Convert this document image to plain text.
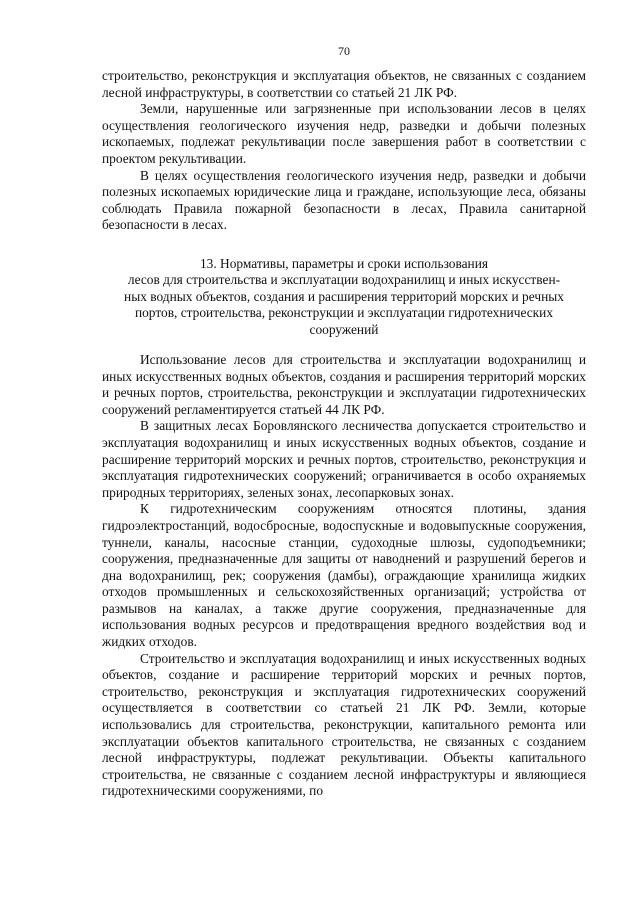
70

строительство, реконструкция и эксплуатация объектов, не связанных с созданием лесной инфраструктуры, в соответствии со статьей 21 ЛК РФ.

Земли, нарушенные или загрязненные при использовании лесов в целях осуществления геологического изучения недр, разведки и добычи полезных ископаемых, подлежат рекультивации после завершения работ в соответствии с проектом рекультивации.

В целях осуществления геологического изучения недр, разведки и добычи полезных ископаемых юридические лица и граждане, использующие леса, обязаны соблюдать Правила пожарной безопасности в лесах, Правила санитарной безопасности в лесах.

13. Нормативы, параметры и сроки использования
лесов для строительства и эксплуатации водохранилищ и иных искусствен-
ных водных объектов, создания и расширения территорий морских и речных
портов, строительства, реконструкции и эксплуатации гидротехнических
сооружений

Использование лесов для строительства и эксплуатации водохранилищ и иных искусственных водных объектов, создания и расширения территорий морских и речных портов, строительства, реконструкции и эксплуатации гидротехнических сооружений регламентируется статьей 44 ЛК РФ.

В защитных лесах Боровлянского лесничества допускается строительство и эксплуатация водохранилищ и иных искусственных водных объектов, создание и расширение территорий морских и речных портов, строительство, реконструкция и эксплуатация гидротехнических сооружений; ограничивается в особо охраняемых природных территориях, зеленых зонах, лесопарковых зонах.

К гидротехническим сооружениям относятся плотины, здания гидроэлектростанций, водосбросные, водоспускные и водовыпускные сооружения, туннели, каналы, насосные станции, судоходные шлюзы, судоподъемники; сооружения, предназначенные для защиты от наводнений и разрушений берегов и дна водохранилищ, рек; сооружения (дамбы), ограждающие хранилища жидких отходов промышленных и сельскохозяйственных организаций; устройства от размывов на каналах, а также другие сооружения, предназначенные для использования водных ресурсов и предотвращения вредного воздействия вод и жидких отходов.

Строительство и эксплуатация водохранилищ и иных искусственных водных объектов, создание и расширение территорий морских и речных портов, строительство, реконструкция и эксплуатация гидротехнических сооружений осуществляется в соответствии со статьей 21 ЛК РФ. Земли, которые использовались для строительства, реконструкции, капитального ремонта или эксплуатации объектов капитального строительства, не связанных с созданием лесной инфраструктуры, подлежат рекультивации. Объекты капитального строительства, не связанные с созданием лесной инфраструктуры и являющиеся гидротехническими сооружениями, по
